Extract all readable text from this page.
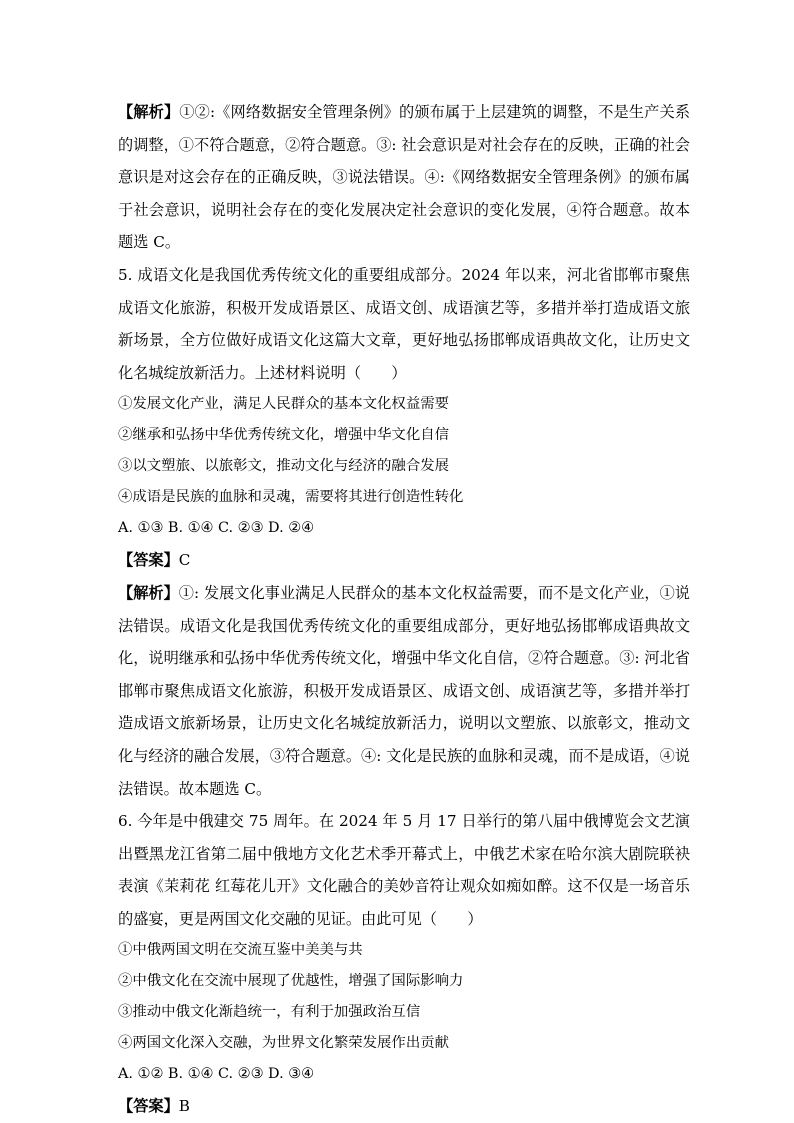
【解析】①②:《网络数据安全管理条例》的颁布属于上层建筑的调整，不是生产关系的调整，①不符合题意，②符合题意。③: 社会意识是对社会存在的反映，正确的社会意识是对这会存在的正确反映，③说法错误。④:《网络数据安全管理条例》的颁布属于社会意识，说明社会存在的变化发展决定社会意识的变化发展，④符合题意。故本题选 C。

5. 成语文化是我国优秀传统文化的重要组成部分。2024 年以来，河北省邯郸市聚焦成语文化旅游，积极开发成语景区、成语文创、成语演艺等，多措并举打造成语文旅新场景，全方位做好成语文化这篇大文章，更好地弘扬邯郸成语典故文化，让历史文化名城绽放新活力。上述材料说明（　　）

①发展文化产业，满足人民群众的基本文化权益需要

②继承和弘扬中华优秀传统文化，增强中华文化自信

③以文塑旅、以旅彰文，推动文化与经济的融合发展

④成语是民族的血脉和灵魂，需要将其进行创造性转化

A. ①③ B. ①④ C. ②③ D. ②④

【答案】C

【解析】①: 发展文化事业满足人民群众的基本文化权益需要，而不是文化产业，①说法错误。成语文化是我国优秀传统文化的重要组成部分，更好地弘扬邯郸成语典故文化，说明继承和弘扬中华优秀传统文化，增强中华文化自信，②符合题意。③: 河北省邯郸市聚焦成语文化旅游，积极开发成语景区、成语文创、成语演艺等，多措并举打造成语文旅新场景，让历史文化名城绽放新活力，说明以文塑旅、以旅彰文，推动文化与经济的融合发展，③符合题意。④: 文化是民族的血脉和灵魂，而不是成语，④说法错误。故本题选 C。

6. 今年是中俄建交 75 周年。在 2024 年 5 月 17 日举行的第八届中俄博览会文艺演出暨黑龙江省第二届中俄地方文化艺术季开幕式上，中俄艺术家在哈尔滨大剧院联袂表演《茉莉花 红莓花儿开》文化融合的美妙音符让观众如痴如醉。这不仅是一场音乐的盛宴，更是两国文化交融的见证。由此可见（　　）

①中俄两国文明在交流互鉴中美美与共

②中俄文化在交流中展现了优越性，增强了国际影响力

③推动中俄文化渐趋统一，有利于加强政治互信

④两国文化深入交融，为世界文化繁荣发展作出贡献

A. ①② B. ①④ C. ②③ D. ③④

【答案】B
